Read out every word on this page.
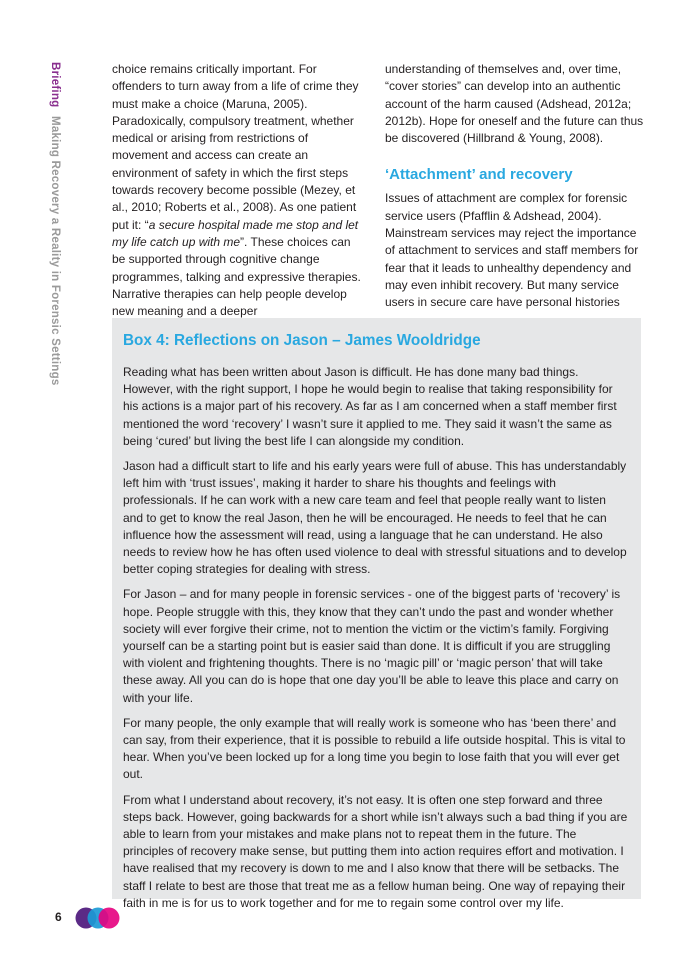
BriefingMaking Recovery a Reality in Forensic Settings

choice remains critically important. For offenders to turn away from a life of crime they must make a choice (Maruna, 2005). Paradoxically, compulsory treatment, whether medical or arising from restrictions of movement and access can create an environment of safety in which the first steps towards recovery become possible (Mezey, et al., 2010; Roberts et al., 2008). As one patient put it: “a secure hospital made me stop and let my life catch up with me”. These choices can be supported through cognitive change programmes, talking and expressive therapies. Narrative therapies can help people develop new meaning and a deeper

understanding of themselves and, over time, “cover stories” can develop into an authentic account of the harm caused (Adshead, 2012a; 2012b). Hope for oneself and the future can thus be discovered (Hillbrand & Young, 2008).

‘Attachment’ and recovery

Issues of attachment are complex for forensic service users (Pfafflin & Adshead, 2004). Mainstream services may reject the importance of attachment to services and staff members for fear that it leads to unhealthy dependency and may even inhibit recovery. But many service users in secure care have personal histories

Box 4: Reflections on Jason – James Wooldridge

Reading what has been written about Jason is difficult. He has done many bad things. However, with the right support, I hope he would begin to realise that taking responsibility for his actions is a major part of his recovery. As far as I am concerned when a staff member first mentioned the word ‘recovery’ I wasn’t sure it applied to me. They said it wasn’t the same as being ‘cured’ but living the best life I can alongside my condition.

Jason had a difficult start to life and his early years were full of abuse. This has understandably left him with ‘trust issues’, making it harder to share his thoughts and feelings with professionals. If he can work with a new care team and feel that people really want to listen and to get to know the real Jason, then he will be encouraged. He needs to feel that he can influence how the assessment will read, using a language that he can understand. He also needs to review how he has often used violence to deal with stressful situations and to develop better coping strategies for dealing with stress.

For Jason – and for many people in forensic services - one of the biggest parts of ‘recovery’ is hope. People struggle with this, they know that they can’t undo the past and wonder whether society will ever forgive their crime, not to mention the victim or the victim’s family. Forgiving yourself can be a starting point but is easier said than done. It is difficult if you are struggling with violent and frightening thoughts. There is no ‘magic pill’ or ‘magic person’ that will take these away. All you can do is hope that one day you’ll be able to leave this place and carry on with your life.

For many people, the only example that will really work is someone who has ‘been there’ and can say, from their experience, that it is possible to rebuild a life outside hospital. This is vital to hear. When you’ve been locked up for a long time you begin to lose faith that you will ever get out.

From what I understand about recovery, it’s not easy. It is often one step forward and three steps back. However, going backwards for a short while isn’t always such a bad thing if you are able to learn from your mistakes and make plans not to repeat them in the future. The principles of recovery make sense, but putting them into action requires effort and motivation. I have realised that my recovery is down to me and I also know that there will be setbacks. The staff I relate to best are those that treat me as a fellow human being. One way of repaying their faith in me is for us to work together and for me to regain some control over my life.

6
